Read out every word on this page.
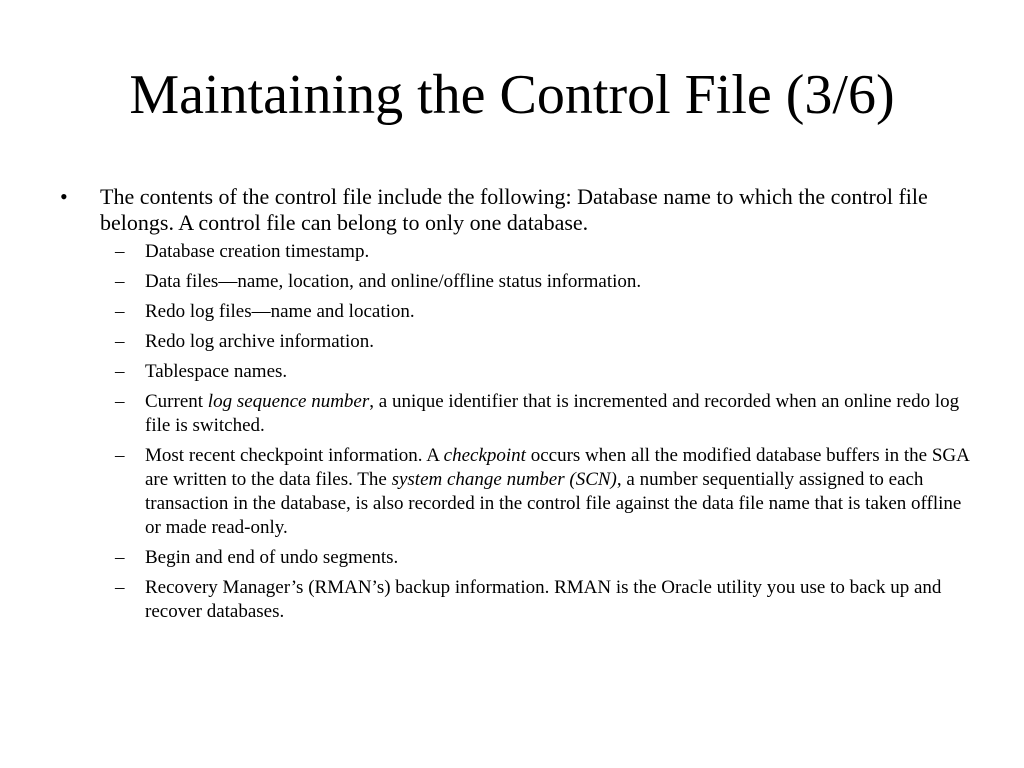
Maintaining the Control File (3/6)
•	The contents of the control file include the following: Database name to which the control file belongs. A control file can belong to only one database.
– Database creation timestamp.
– Data files—name, location, and online/offline status information.
– Redo log files—name and location.
– Redo log archive information.
– Tablespace names.
– Current log sequence number, a unique identifier that is incremented and recorded when an online redo log file is switched.
– Most recent checkpoint information. A checkpoint occurs when all the modified database buffers in the SGA are written to the data files. The system change number (SCN), a number sequentially assigned to each transaction in the database, is also recorded in the control file against the data file name that is taken offline or made read-only.
– Begin and end of undo segments.
– Recovery Manager’s (RMAN’s) backup information. RMAN is the Oracle utility you use to back up and recover databases.
